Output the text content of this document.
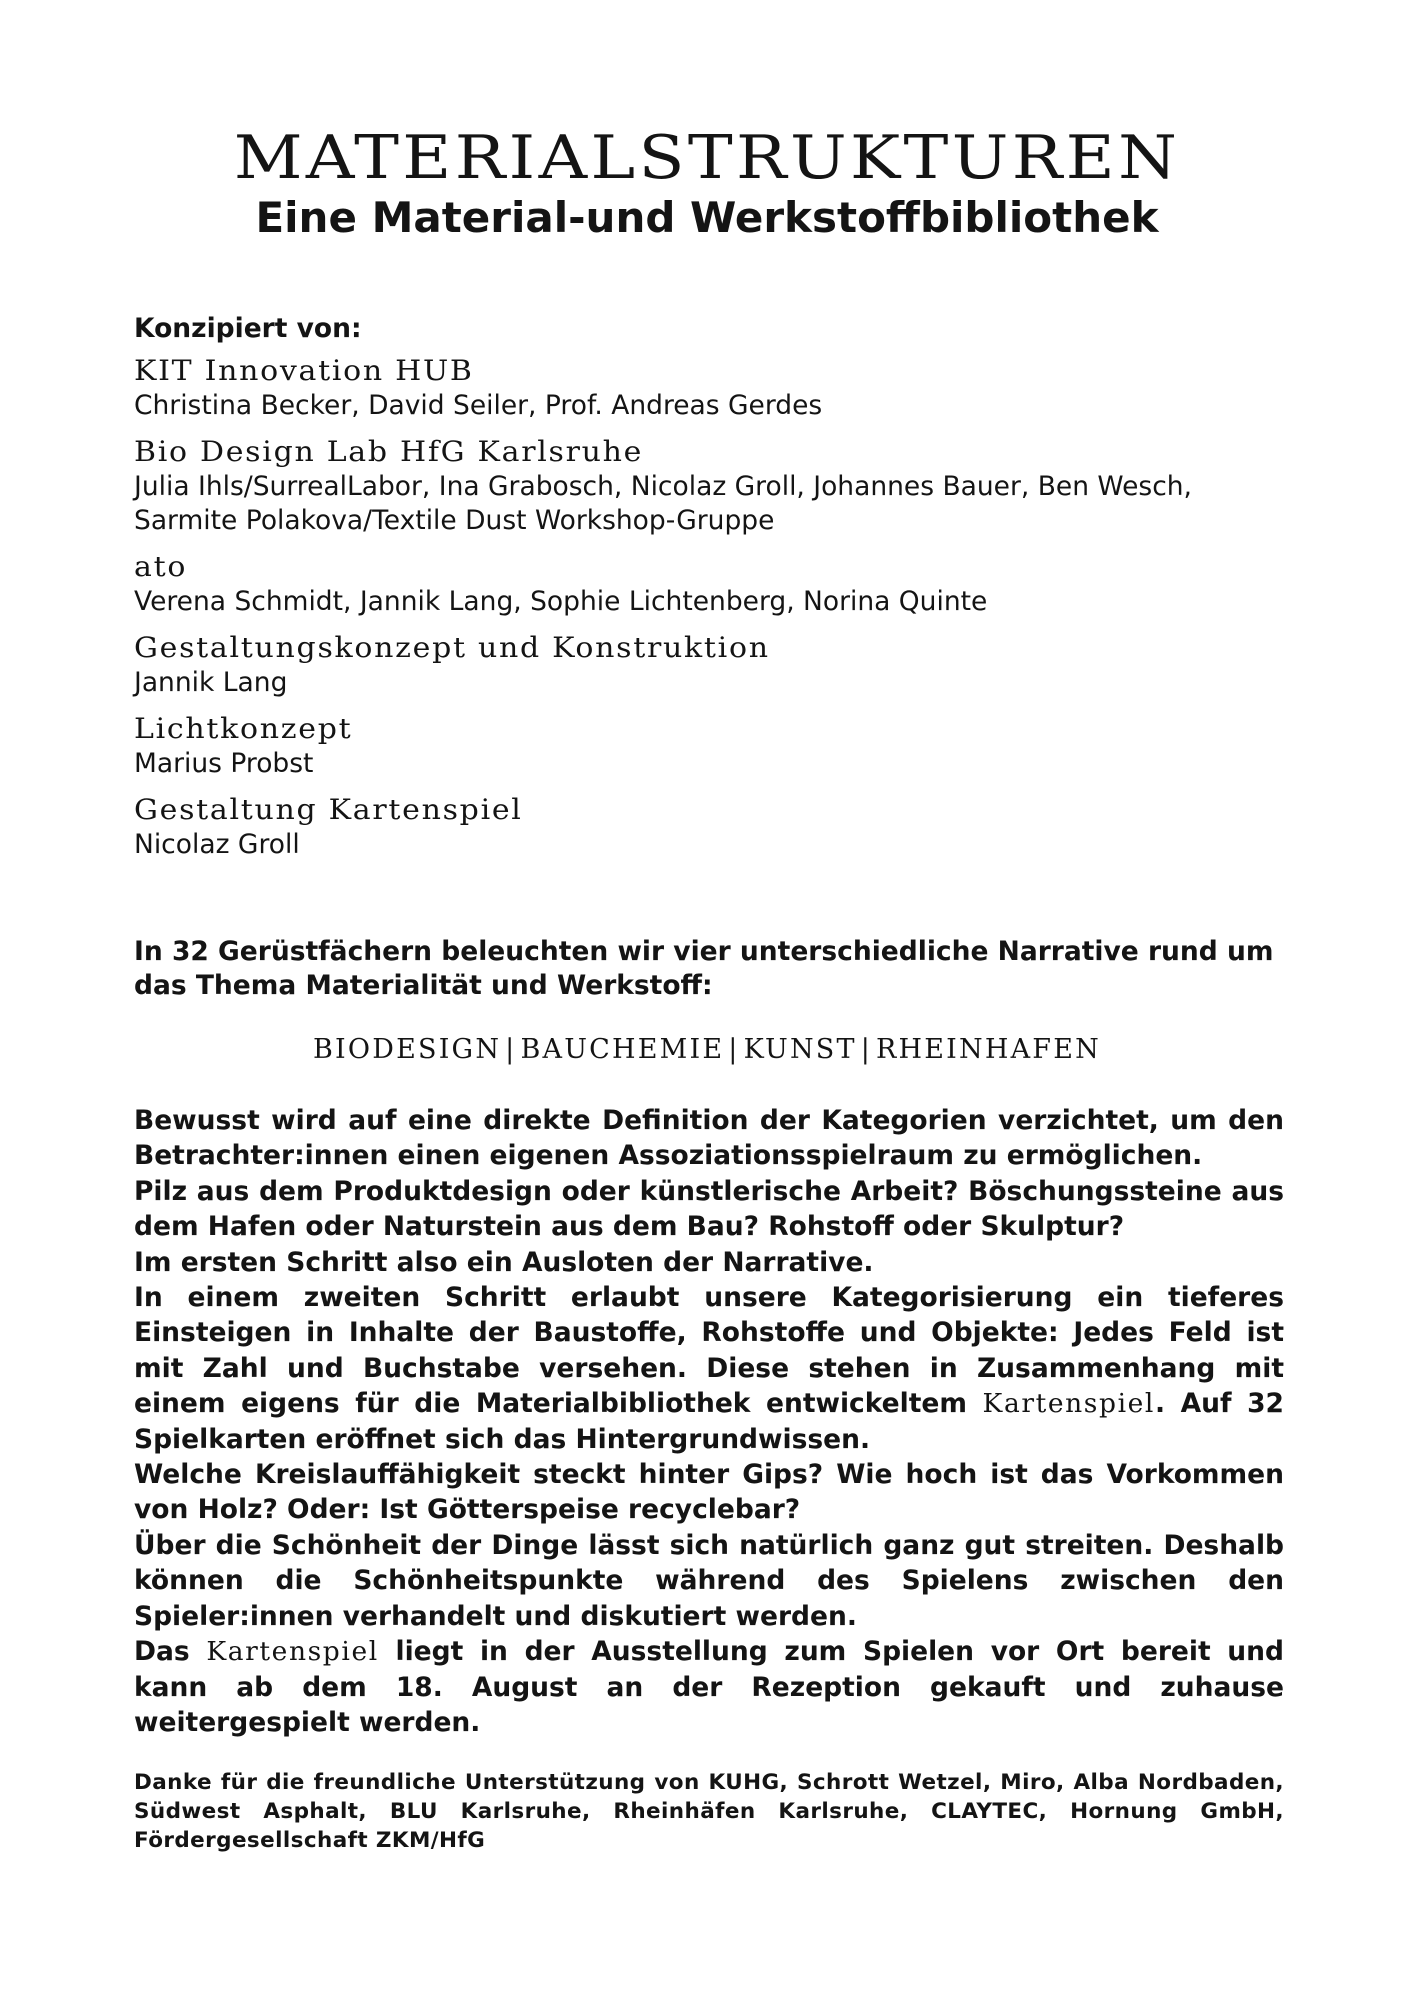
MATERIALSTRUKTUREN
Eine Material-und Werkstoffbibliothek
Konzipiert von:
KIT Innovation HUB
Christina Becker, David Seiler, Prof. Andreas Gerdes
Bio Design Lab HfG Karlsruhe
Julia Ihls/SurrealLabor, Ina Grabosch, Nicolaz Groll, Johannes Bauer, Ben Wesch, Sarmite Polakova/Textile Dust Workshop-Gruppe
ato
Verena Schmidt, Jannik Lang, Sophie Lichtenberg, Norina Quinte
Gestaltungskonzept und Konstruktion
Jannik Lang
Lichtkonzept
Marius Probst
Gestaltung Kartenspiel
Nicolaz Groll
In 32 Gerüstfächern beleuchten wir vier unterschiedliche Narrative rund um das Thema Materialität und Werkstoff:
BIODESIGN | BAUCHEMIE | KUNST | RHEINHAFEN

Bewusst wird auf eine direkte Definition der Kategorien verzichtet, um den Betrachter:innen einen eigenen Assoziationsspielraum zu ermöglichen.

Pilz aus dem Produktdesign oder künstlerische Arbeit? Böschungssteine aus dem Hafen oder Naturstein aus dem Bau? Rohstoff oder Skulptur?

Im ersten Schritt also ein Ausloten der Narrative.

In einem zweiten Schritt erlaubt unsere Kategorisierung ein tieferes Einsteigen in Inhalte der Baustoffe, Rohstoffe und Objekte: Jedes Feld ist mit Zahl und Buchstabe versehen. Diese stehen in Zusammenhang mit einem eigens für die Materialbibliothek entwickeltem Kartenspiel. Auf 32 Spielkarten eröffnet sich das Hintergrundwissen.

Welche Kreislauffähigkeit steckt hinter Gips? Wie hoch ist das Vorkommen von Holz? Oder: Ist Götterspeise recyclebar?

Über die Schönheit der Dinge lässt sich natürlich ganz gut streiten. Deshalb können die Schönheitspunkte während des Spielens zwischen den Spieler:innen verhandelt und diskutiert werden.

Das Kartenspiel liegt in der Ausstellung zum Spielen vor Ort bereit und kann ab dem 18. August an der Rezeption gekauft und zuhause weitergespielt werden.

Danke für die freundliche Unterstützung von KUHG, Schrott Wetzel, Miro, Alba Nordbaden, Südwest Asphalt, BLU Karlsruhe, Rheinhäfen Karlsruhe, CLAYTEC, Hornung GmbH, Fördergesellschaft ZKM/HfG
